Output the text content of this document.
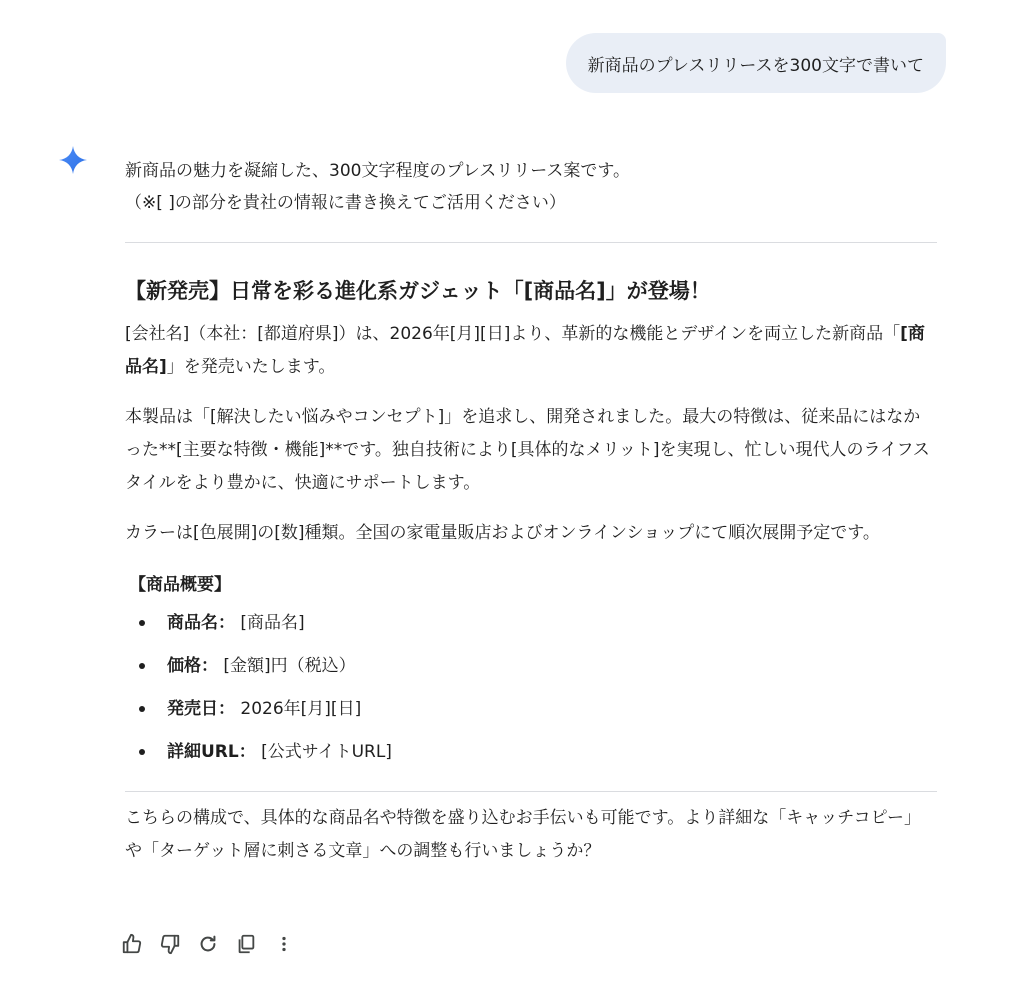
新商品のプレスリリースを300文字で書いて

新商品の魅力を凝縮した、300文字程度のプレスリリース案です。

（※[ ]の部分を貴社の情報に書き換えてご活用ください）

【新発売】日常を彩る進化系ガジェット「[商品名]」が登場！

[会社名]（本社：[都道府県]）は、2026年[月][日]より、革新的な機能とデザインを両立した新商品「[商品名]」を発売いたします。

本製品は「[解決したい悩みやコンセプト]」を追求し、開発されました。最大の特徴は、従来品にはなかった**[主要な特徴・機能]**です。独自技術により[具体的なメリット]を実現し、忙しい現代人のライフスタイルをより豊かに、快適にサポートします。

カラーは[色展開]の[数]種類。全国の家電量販店およびオンラインショップにて順次展開予定です。

【商品概要】
商品名： [商品名]
価格： [金額]円（税込）
発売日： 2026年[月][日]
詳細URL： [公式サイトURL]

こちらの構成で、具体的な商品名や特徴を盛り込むお手伝いも可能です。より詳細な「キャッチコピー」や「ターゲット層に刺さる文章」への調整も行いましょうか？
